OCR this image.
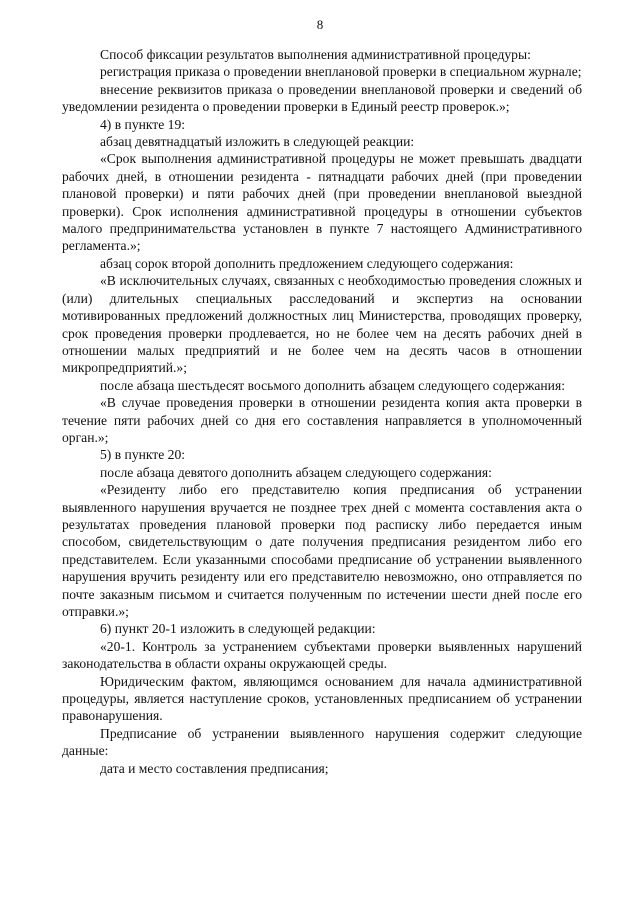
8

Способ фиксации результатов выполнения административной процедуры:

регистрация приказа о проведении внеплановой проверки в специальном журнале;

внесение реквизитов приказа о проведении внеплановой проверки и сведений об уведомлении резидента о проведении проверки в Единый реестр проверок.»;

4) в пункте 19:

абзац девятнадцатый изложить в следующей реакции:

«Срок выполнения административной процедуры не может превышать двадцати рабочих дней, в отношении резидента - пятнадцати рабочих дней (при проведении плановой проверки) и пяти рабочих дней (при проведении внеплановой выездной проверки). Срок исполнения административной процедуры в отношении субъектов малого предпринимательства установлен в пункте 7 настоящего Административного регламента.»;

абзац сорок второй дополнить предложением следующего содержания:

«В исключительных случаях, связанных с необходимостью проведения сложных и (или) длительных специальных расследований и экспертиз на основании мотивированных предложений должностных лиц Министерства, проводящих проверку, срок проведения проверки продлевается, но не более чем на десять рабочих дней в отношении малых предприятий и не более чем на десять часов в отношении микропредприятий.»;

после абзаца шестьдесят восьмого дополнить абзацем следующего содержания:

«В случае проведения проверки в отношении резидента копия акта проверки в течение пяти рабочих дней со дня его составления направляется в уполномоченный орган.»;

5) в пункте 20:

после абзаца девятого дополнить абзацем следующего содержания:

«Резиденту либо его представителю копия предписания об устранении выявленного нарушения вручается не позднее трех дней с момента составления акта о результатах проведения плановой проверки под расписку либо передается иным способом, свидетельствующим о дате получения предписания резидентом либо его представителем. Если указанными способами предписание об устранении выявленного нарушения вручить резиденту или его представителю невозможно, оно отправляется по почте заказным письмом и считается полученным по истечении шести дней после его отправки.»;

6) пункт 20-1 изложить в следующей редакции:

«20-1. Контроль за устранением субъектами проверки выявленных нарушений законодательства в области охраны окружающей среды.

Юридическим фактом, являющимся основанием для начала административной процедуры, является наступление сроков, установленных предписанием об устранении правонарушения.

Предписание об устранении выявленного нарушения содержит следующие данные:

дата и место составления предписания;
